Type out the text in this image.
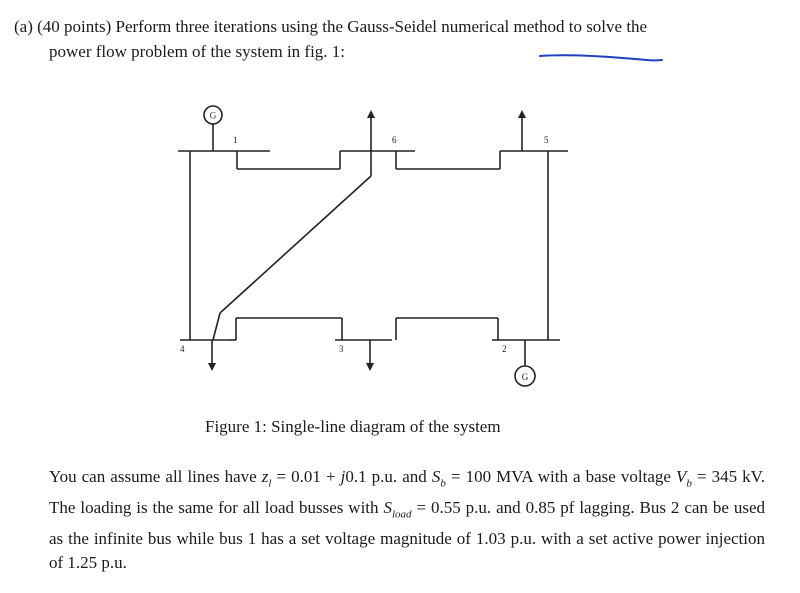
(a) (40 points) Perform three iterations using the Gauss-Seidel numerical method to solve the
power flow problem of the system in fig. 1:
G
G
1	6	5
4	3	2
Figure 1: Single-line diagram of the system
You can assume all lines have $z_l = 0.01 + j0.1$ p.u. and $S_b = 100$ MVA with a base voltage $V_b = 345$ kV. The loading is the same for all load busses with $S_{load} = 0.55$ p.u. and 0.85 pf lagging. Bus 2 can be used as the infinite bus while bus 1 has a set voltage magnitude of 1.03 p.u. with a set active power injection of 1.25 p.u.
